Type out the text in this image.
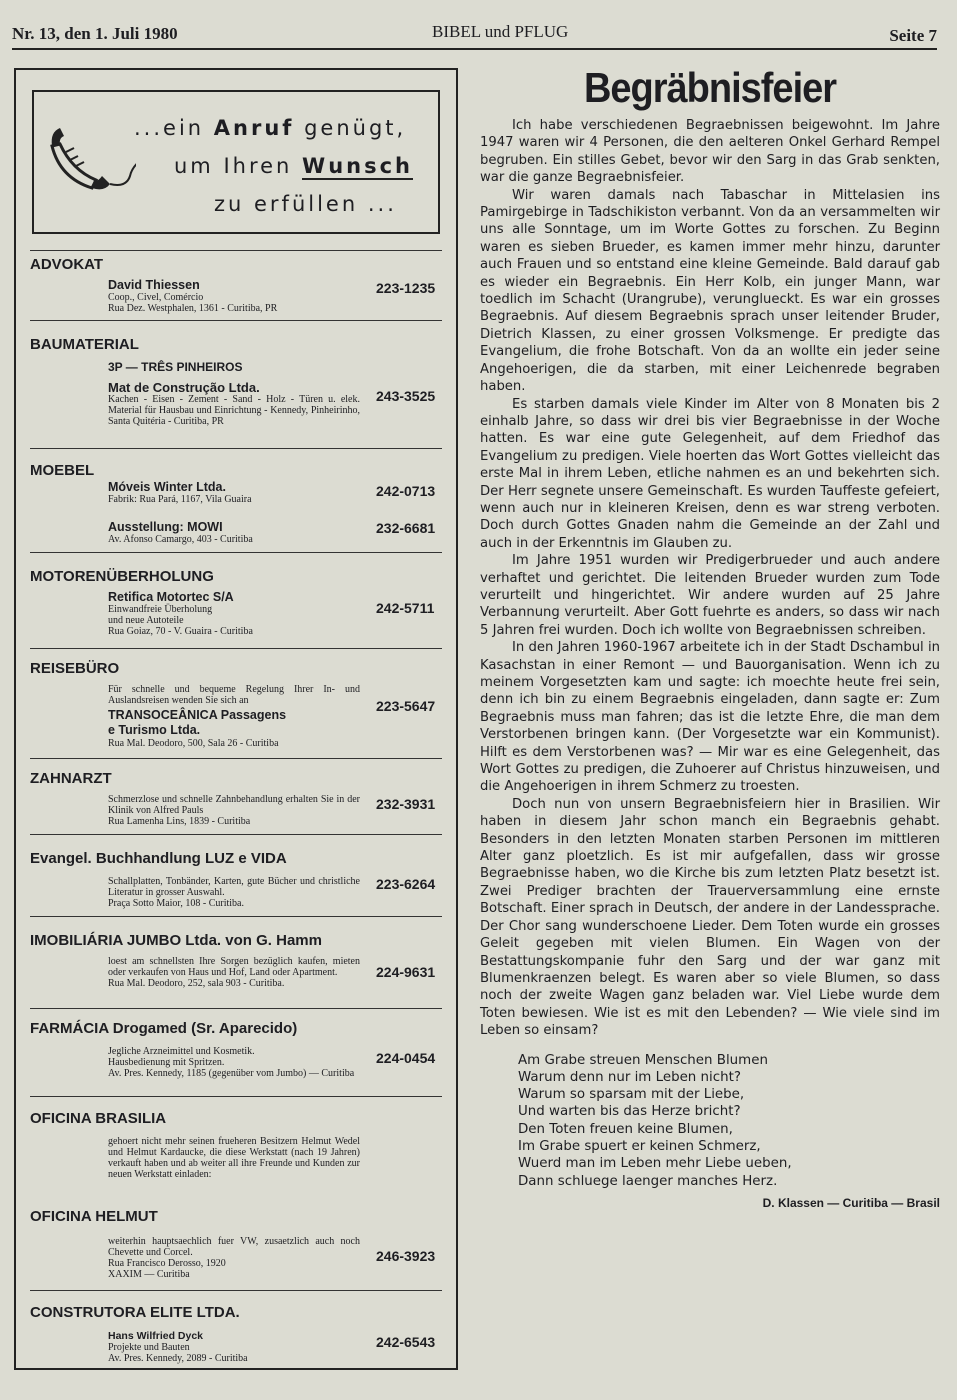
Nr. 13, den 1. Juli 1980	BIBEL und PFLUG	Seite 7
...ein Anruf genügt,
um Ihren Wunsch
zu erfüllen ...
ADVOKAT
David Thiessen
Coop., Civel, Comércio
Rua Dez. Westphalen, 1361 - Curitiba, PR
223-1235
BAUMATERIAL
3P — TRÊS PINHEIROS
Mat de Construção Ltda.
Kachen - Eisen - Zement - Sand - Holz - Türen u. elek. Material für Hausbau und Einrichtung - Kennedy, Pinheirinho, Santa Quitéria - Curitiba, PR
243-3525
MOEBEL
Móveis Winter Ltda.
Fabrik: Rua Pará, 1167, Vila Guaira
242-0713
Ausstellung: MOWI
Av. Afonso Camargo, 403 - Curitiba
232-6681
MOTORENÜBERHOLUNG
Retifica Motortec S/A
Einwandfreie Überholung
und neue Autoteile
Rua Goiaz, 70 - V. Guaira - Curitiba
242-5711
REISEBÜRO
Für schnelle und bequeme Regelung Ihrer In- und Auslandsreisen wenden Sie sich an
TRANSOCEÂNICA Passagens
e Turismo Ltda.
Rua Mal. Deodoro, 500, Sala 26 - Curitiba
223-5647
ZAHNARZT
Schmerzlose und schnelle Zahnbehandlung erhalten Sie in der Klinik von Alfred Pauls
Rua Lamenha Lins, 1839 - Curitiba
232-3931
Evangel. Buchhandlung LUZ e VIDA
Schallplatten, Tonbänder, Karten, gute Bücher und christliche Literatur in grosser Auswahl.
Praça Sotto Maior, 108 - Curitiba.
223-6264
IMOBILIÁRIA JUMBO Ltda. von G. Hamm
loest am schnellsten Ihre Sorgen bezüglich kaufen, mieten oder verkaufen von Haus und Hof, Land oder Apartment.
Rua Mal. Deodoro, 252, sala 903 - Curitiba.
224-9631
FARMÁCIA Drogamed (Sr. Aparecido)
Jegliche Arzneimittel und Kosmetik.
Hausbedienung mit Spritzen.
Av. Pres. Kennedy, 1185 (gegenüber vom Jumbo) — Curitiba
224-0454
OFICINA BRASILIA
gehoert nicht mehr seinen frueheren Besitzern Helmut Wedel und Helmut Kardaucke, die diese Werkstatt (nach 19 Jahren) verkauft haben und ab weiter all ihre Freunde und Kunden zur neuen Werkstatt einladen:
OFICINA HELMUT
weiterhin hauptsaechlich fuer VW, zusaetzlich auch noch Chevette und Corcel.
Rua Francisco Derosso, 1920
XAXIM — Curitiba
246-3923
CONSTRUTORA ELITE LTDA.
Hans Wilfried Dyck
Projekte und Bauten
Av. Pres. Kennedy, 2089 - Curitiba
242-6543
Begräbnisfeier

Ich habe verschiedenen Begraebnissen beigewohnt. Im Jahre 1947 waren wir 4 Personen, die den aelteren Onkel Gerhard Rempel begruben. Ein stilles Gebet, bevor wir den Sarg in das Grab senkten, war die ganze Begraebnisfeier.

Wir waren damals nach Tabaschar in Mittelasien ins Pamirgebirge in Tadschikiston verbannt. Von da an versammelten wir uns alle Sonntage, um im Worte Gottes zu forschen. Zu Beginn waren es sieben Brueder, es kamen immer mehr hinzu, darunter auch Frauen und so entstand eine kleine Gemeinde. Bald darauf gab es wieder ein Begraebnis. Ein Herr Kolb, ein junger Mann, war toedlich im Schacht (Urangrube), verunglueckt. Es war ein grosses Begraebnis. Auf diesem Begraebnis sprach unser leitender Bruder, Dietrich Klassen, zu einer grossen Volksmenge. Er predigte das Evangelium, die frohe Botschaft. Von da an wollte ein jeder seine Angehoerigen, die da starben, mit einer Leichenrede begraben haben.

Es starben damals viele Kinder im Alter von 8 Monaten bis 2 einhalb Jahre, so dass wir drei bis vier Begraebnisse in der Woche hatten. Es war eine gute Gelegenheit, auf dem Friedhof das Evangelium zu predigen. Viele hoerten das Wort Gottes vielleicht das erste Mal in ihrem Leben, etliche nahmen es an und bekehrten sich. Der Herr segnete unsere Gemeinschaft. Es wurden Tauffeste gefeiert, wenn auch nur in kleineren Kreisen, denn es war streng verboten. Doch durch Gottes Gnaden nahm die Gemeinde an der Zahl und auch in der Erkenntnis im Glauben zu.

Im Jahre 1951 wurden wir Predigerbrueder und auch andere verhaftet und gerichtet. Die leitenden Brueder wurden zum Tode verurteilt und hingerichtet. Wir andere wurden auf 25 Jahre Verbannung verurteilt. Aber Gott fuehrte es anders, so dass wir nach 5 Jahren frei wurden. Doch ich wollte von Begraebnissen schreiben.

In den Jahren 1960-1967 arbeitete ich in der Stadt Dschambul in Kasachstan in einer Remont — und Bauorganisation. Wenn ich zu meinem Vorgesetzten kam und sagte: ich moechte heute frei sein, denn ich bin zu einem Begraebnis eingeladen, dann sagte er: Zum Begraebnis muss man fahren; das ist die letzte Ehre, die man dem Verstorbenen bringen kann. (Der Vorgesetzte war ein Kommunist). Hilft es dem Verstorbenen was? — Mir war es eine Gelegenheit, das Wort Gottes zu predigen, die Zuhoerer auf Christus hinzuweisen, und die Angehoerigen in ihrem Schmerz zu troesten.

Doch nun von unsern Begraebnisfeiern hier in Brasilien. Wir haben in diesem Jahr schon manch ein Begraebnis gehabt. Besonders in den letzten Monaten starben Personen im mittleren Alter ganz ploetzlich. Es ist mir aufgefallen, dass wir grosse Begraebnisse haben, wo die Kirche bis zum letzten Platz besetzt ist. Zwei Prediger brachten der Trauerversammlung eine ernste Botschaft. Einer sprach in Deutsch, der andere in der Landessprache. Der Chor sang wunderschoene Lieder. Dem Toten wurde ein grosses Geleit gegeben mit vielen Blumen. Ein Wagen von der Bestattungskompanie fuhr den Sarg und der war ganz mit Blumenkraenzen belegt. Es waren aber so viele Blumen, so dass noch der zweite Wagen ganz beladen war. Viel Liebe wurde dem Toten bewiesen. Wie ist es mit den Lebenden? — Wie viele sind im Leben so einsam?

Am Grabe streuen Menschen Blumen
Warum denn nur im Leben nicht?
Warum so sparsam mit der Liebe,
Und warten bis das Herze bricht?
Den Toten freuen keine Blumen,
Im Grabe spuert er keinen Schmerz,
Wuerd man im Leben mehr Liebe ueben,
Dann schluege laenger manches Herz.
D. Klassen — Curitiba — Brasil
